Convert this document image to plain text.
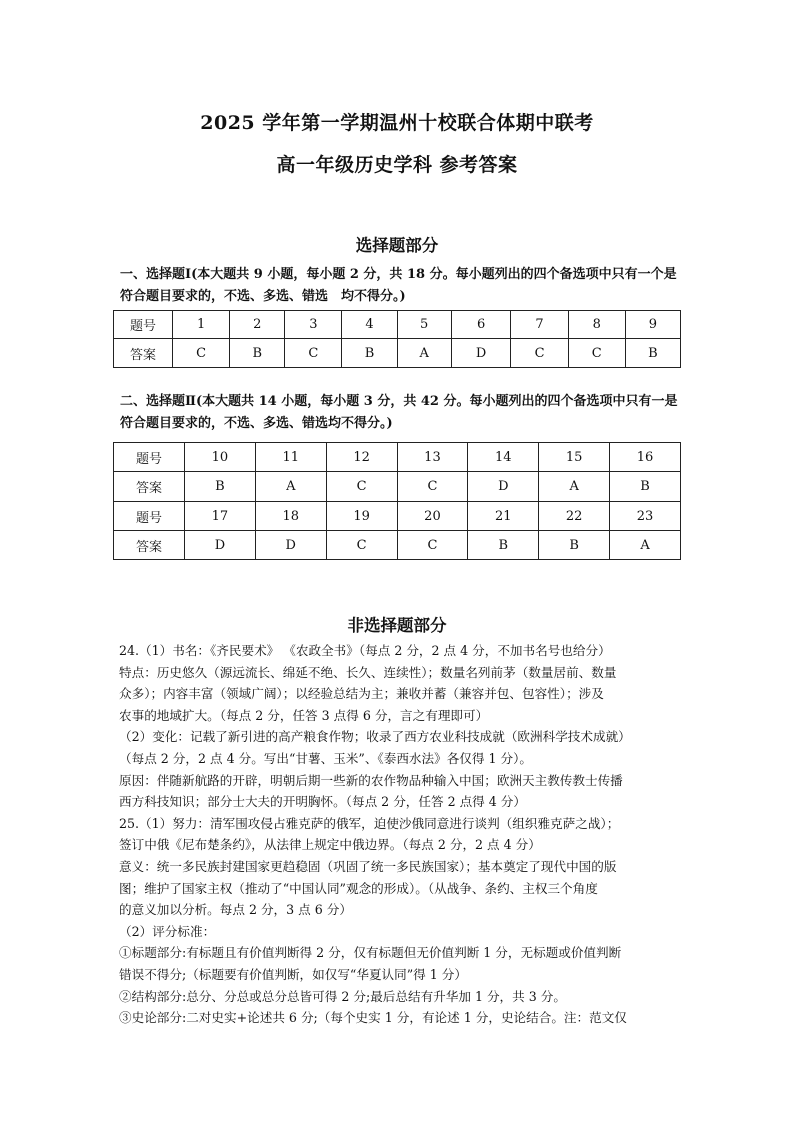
2025 学年第一学期温州十校联合体期中联考
高一年级历史学科 参考答案
选择题部分
一、选择题Ⅰ(本大题共 9 小题，每小题 2 分，共 18 分。每小题列出的四个备选项中只有一个是符合题目要求的，不选、多选、错选　均不得分。)
题号	1	2	3	4	5	6	7	8	9
答案	C	B	C	B	A	D	C	C	B
二、选择题Ⅱ(本大题共 14 小题，每小题 3 分，共 42 分。每小题列出的四个备选项中只有一是符合题目要求的，不选、多选、错选均不得分。)
题号	10	11	12	13	14	15	16
答案	B	A	C	C	D	A	B
题号	17	18	19	20	21	22	23
答案	D	D	C	C	B	B	A
非选择题部分

24.（1）书名：《齐民要术》 《农政全书》（每点 2 分，2 点 4 分，不加书名号也给分）

特点：历史悠久（源远流长、绵延不绝、长久、连续性）；数量名列前茅（数量居前、数量

众多）；内容丰富（领域广阔）；以经验总结为主；兼收并蓄（兼容并包、包容性）；涉及

农事的地域扩大。（每点 2 分，任答 3 点得 6 分，言之有理即可）

（2）变化：记载了新引进的高产粮食作物；收录了西方农业科技成就（欧洲科学技术成就）

（每点 2 分，2 点 4 分。写出“甘薯、玉米”、《泰西水法》各仅得 1 分）。

原因：伴随新航路的开辟，明朝后期一些新的农作物品种输入中国；欧洲天主教传教士传播

西方科技知识；部分士大夫的开明胸怀。（每点 2 分，任答 2 点得 4 分）

25.（1）努力：清军围攻侵占雅克萨的俄军，迫使沙俄同意进行谈判（组织雅克萨之战）；

签订中俄《尼布楚条约》，从法律上规定中俄边界。（每点 2 分，2 点 4 分）

意义：统一多民族封建国家更趋稳固（巩固了统一多民族国家）；基本奠定了现代中国的版

图；维护了国家主权（推动了“中国认同”观念的形成）。（从战争、条约、主权三个角度

的意义加以分析。每点 2 分，3 点 6 分）

（2）评分标准：

①标题部分:有标题且有价值判断得 2 分，仅有标题但无价值判断 1 分，无标题或价值判断

错误不得分;（标题要有价值判断，如仅写“华夏认同”得 1 分）

②结构部分:总分、分总或总分总皆可得 2 分;最后总结有升华加 1 分，共 3 分。

③史论部分:二对史实+论述共 6 分;（每个史实 1 分，有论述 1 分，史论结合。注：范文仅
